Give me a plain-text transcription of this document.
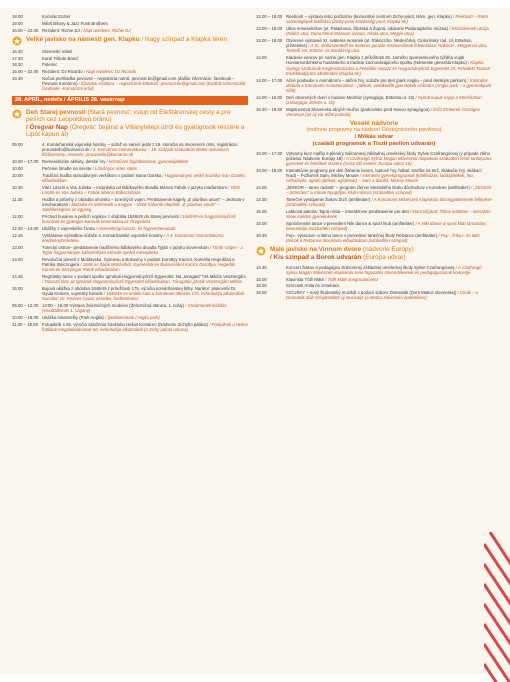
18.00	Kocsiás Eszter
19.00	Miloš Bihary & Jazz Funk Brothers
16.00 – 22.00 Rezident: Richie DJ / Napi rezidens: Richie DJ
Veľké javisko na námestí gen. Klapku / Nagy színpad a Klapka téren
16.30	Slovenskí rebeli
17.30	Koral Tribute Band
18.30	Polemic
16.00 – 22.00 Rezident: DJ Ricardo / Napi rezidens: DJ Ricardo
19.30	Nočná prehliadka pevnosti – registrácia nutná: pevnost.kn@gmail.com (ďalšie informácie: facebook – Pevnost Komárno) / Éjszakai erődtúra – regisztráció kötelező: pevnost.kn@gmail.com (további információk: facebook –Komáromi erőd)
28. APRÍL, nedeľa / ÁPRILIS 28. vasárnap
Deň Starej pevnosti (Stará pevnosť; vstup od Eleštárenskej cesty a pre peších cez Leopoldovú bránu)
/ Óregvár Nap (Óregvár; bejárat a Villanytelepi útról és gyalogosok részére a Lipót kapun át)
09.00	4. Komárňanská vojenská hostiny – súťaž vo varení jedál z 19. storočia na otvorenom ohni, registrácia: procastello@komarno.sk / 4. Komáromi Ostromlakoma – 19. századi szabadtűzi ételek nyitványos főzőverseny, nevezés: procastello@komarno.sk
10.00 – 17.00 Remeselnícke aktivity, detské hry / kézműves foglalkozások, gyermekjátékok
10.00	Pečenie štrudle na mieste / Lótványos rétes sütés
10.00	Tradičná hudba starodávnym verklikom v podaní Ivana Gontka / Hagyományos verkli muzsika Ivan Gontko előadásában
10.30	Vitéz László a Vas Juliska – rozprávka od Bábkového divadla Mancsi Fabók v jazyku maďarskom / Vitéz László és Vas Juliska – Fabók Mancsi Bábszínháza
11.30	Hudba a príbehy z obdobia uhorsko – tureckých vojen. Predstavenie kapely „E pluribus unum" – Jednota v mnohorakosti / Muzsika és történetek a magyar – török háborúk idejéből. „E pluribus unum" – Sokféleségben az egység
12.00	Príchod husárov a peších vojakov z obdobia 1848/49 do Starej pevnosti / 1848/49-es hagyományőrző huszárok és gyalogos katonák bevonulása az Óregvárba
12.30 – 14.00 Ukážky z vojenského života / Honvédségi huszár- és fegyverbemutató
12.45	Vyhlásenie výsledkov súťaže 4. Komárňanské vojenské hostiny / A 4. Komáromi Ostromlakoma eredményhirdetése
13.00	Turecký ostrov– predstavenie tradičného bábkového divadla Tyjátr v jazyku slovenskom / Török sziget – a Tyjátr hagyományos bábszínháza szlovák nyelvű mesejátéka
14.00	Revolučná pieseň z Moldavska, Gyimesu a Bukoviny v podaní Dorottyy Kaczor, Kornélia Hegedűsa a Patrika Steczingera / 1848-as dalok Moldvából, Gyimesből és Bukovinából Kaczor Dorottya, Hegedűs Kornél és Steczinger Patrik előadásában
14.45	Regrútsky tanec v podaní spolku Igmándi Hagyományőrző Egyesület. Na „tarogató" hrá Miklós Vesztergám / Toborzó tánc az Igmándi Hagyományőrző Egyesület előadásában. Tárogatón játszik Vesztergám Miklós
15.00	Bojová ukážka z obdobia 1848/49 z príležitosti 175. výročia komárňanskej bitky. Narátor: plukovník Dr. Gyula Kedves, vojenský historik / 1848/49-es emlékcsata a komáromi ütközés 175. évfordulója alkalmából. Narrátor: Dr. Kedves Gyula, ezredes, hadtörténész
09.00 – 12.00 13:00 – 18.00 Výstava železničných modelov (Železničná stanica, 1. koľaj) / Vasútmodell kiállítás (Vasútállomás 1. vágány)
10.00 – 18.00 Ukážka lokostrelby (Park Anglia) / Íjászbemutató (Anglia park)
11.00 – 18.00 Fotopiknik s 66. výročia založenia fotoklubu Helios Komárno (Nádvorie Zichyho paláca) / Fotópiknik a Helios fotóklub megalakulásának 66. évfordulója alkalmából (a Zichy palota udvara)
12.00 – 18.00 Reeboot! – výstava retro počítačov (komunitné centrum Zichy-point, Nám. gen. Klapku) / Reeboot! – Retro számítógépek kiállítása (Zichy-point Közösségi pont, Klapka tér)
13.00 – 19.00 Ulica remeselníkov (ul. Palatinova, Školská a Župná, nádvorie Podunajského múzea) / Kézművesek utcája (Nádor utca, Duna Menti Múzeum udvara, Iskola utca, Megye utca)
13.00 – 18.00 Otvorené výstavné XI. svätenia motoriek (ul. Rákócziho, Mederčská, Cintorínsky rad, Ul. Eötvösa, prístelstva) / A XI. motorszentelő és motoros gurulás résztvevőinek felvonulása: Rákóczi-, Megyercsi utca, Temető sor, Eötvös- és Bordázsig utca
14.00	Kladenie vencov pri soche gen. Klapku z príležitosti 25. Jarného spomienkového týždňa vojak Honvamoráchkeho husárskeho a tradície zachovávajúceho spolku (Námestie generála Klapku) / Klapka György szobránák megkoszorúzása a Felvidéki Huszár és Hagyományőrző Egyesület 25. Felvidéki Tavaszi Emlékhadjárata alkalmából (Klapka tér)
14.00 – 17.00 Ačné poobedie s Animátormi – akčné hry, súťaže pre deti (park Anglia – pred detským parkom) / Kalandos délután a Komáromi Animátorokkal – játékok, vetélkedők gyermekek számára (Anglia park – a gyermekpark előtt)
14.00 – 16.00 Deň otvorených dverí v budove Menház (synagóga, Eötvösa ul. 15) / Nyitott kapuk napja a Menházban (zsinagóga, Eötvös u. 15)
16.30 – 19.00 Majstrovstvá Slovenska silných mužov (parkovisko pred Novou synagógou) / Erős Emberek Országos Versenye (az Új vár előtti parkoló)
Veselé nádvorie
(rodinné programy na nádvorí Dôstojníckeho pavilónu)
/ Mókás udvar
(családi programok a Tiszti pavilon udvarán)
10.00 – 17.00 Výtvarný kurz maľby a plenéry Súkromnej základnej umeleckej školy Sylvie Czafrangóovej (v prípade zlého počasia: Nádvorie Európy 18) / A Czafrangó Sylvia Magán Művészeti Alapiskola szabadtéri festő tanfolyama gyerekek és felnőttek részére (rossz idő esetén: Európa udvar 18)
10.00 – 18.00 Interaktívne programy pre deti (fahanie lanom, loptové hry, futbal, streľba na terč, skákačie hry, skákací hrad) – Požiarník Sam, Mickey Mouse / Interaktív gyerekprogramok (kötélhúzás, labdajátékok, foci, célbalövés, ugráló játékok, ugrálóvár) – Sam a tűzoltó, Mickey Mouse
14.00	„SENIOR – tanec radosti" – program členov Mestského klubu dôchodcov v Komárne (amfiteáter) / „SENIOR – örömtánc" a Városi Nyugdíjas Klub műsora (szabadtéri színpad)
14.30	Tanečné vystúpenie žiakov ZUŠ (amfiteáter) / A Komáromi Művészeti Alapiskola táncegyüttesének fellépése (szabadtéri színpad)
15.00	Labková patrola: Tajná misia – interaktívne predstavenie pre deti / Mancsőrjárat: Titkos küldetés – interaktív show minden gyerekeknek
16.00	Spoločenské tance v prevedení Niki dance & sport klub (amfiteáter) / A Niki dance & sport klub társastánc bemutatója (szabadtéri színpad)
16.45	Pop-, výrazové- a latino tance v prevedení tanečnej školy ReDance (amfiteáter) / Pop-, lírikus- és latin táncok a ReDance tánciskola előadásában (szabadtéri színpad)
Malé javisko na Vinnom dvore (nádvorie Európy)
/ Kis színpad a Borok udvarán (Európa udvar)
14.30	Koncert žiakov a pedagógov Súkromnej základnej umeleckej školy Sylvie Czafrangóovej / A Czafrangó Sylvia Magán Művészeti Alapiskola zene tagozatos növendékeinek és pedagógusainak koncertje
16.00	Klaviristа Tóth Máté / Tóth Máté zongoraművész
18.00	Szvrcsek Anita és zenekara
18.00	CICUŠKY – nový študentský muzikál v podaní súboru Dramaták (Dom Matice slovenskej) / Cicák – a Dramaták diák színjátszókör új musicalje (a Matica slovenská épületében)
